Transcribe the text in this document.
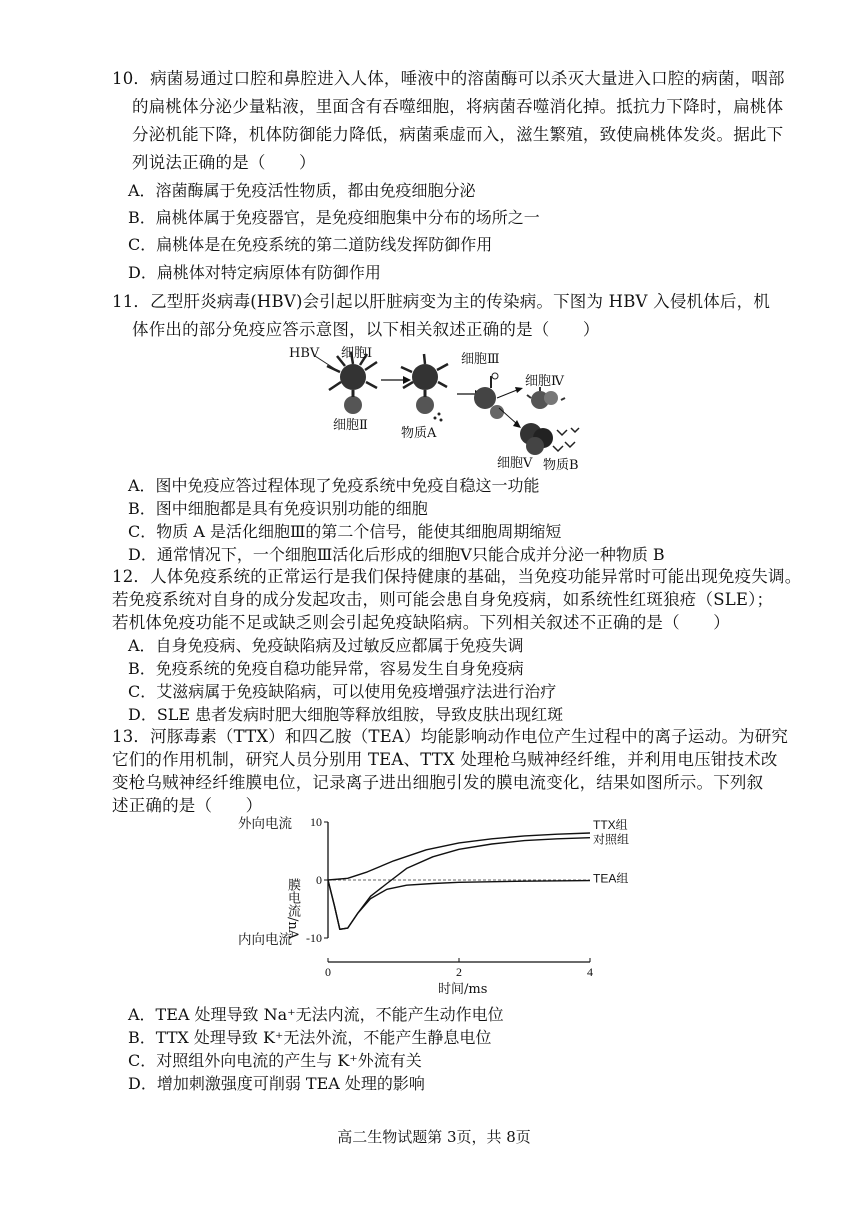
10．病菌易通过口腔和鼻腔进入人体，唾液中的溶菌酶可以杀灭大量进入口腔的病菌，咽部
的扁桃体分泌少量粘液，里面含有吞噬细胞，将病菌吞噬消化掉。抵抗力下降时，扁桃体
分泌机能下降，机体防御能力降低，病菌乘虚而入，滋生繁殖，致使扁桃体发炎。据此下
列说法正确的是（　　）
A．溶菌酶属于免疫活性物质，都由免疫细胞分泌
B．扁桃体属于免疫器官，是免疫细胞集中分布的场所之一
C．扁桃体是在免疫系统的第二道防线发挥防御作用
D．扁桃体对特定病原体有防御作用
11．乙型肝炎病毒(HBV)会引起以肝脏病变为主的传染病。下图为 HBV 入侵机体后，机
体作出的部分免疫应答示意图，以下相关叙述正确的是（　　）
HBV 细胞Ⅰ
细胞Ⅱ
物质A
细胞Ⅲ
细胞Ⅳ
细胞Ⅴ 物质B
A．图中免疫应答过程体现了免疫系统中免疫自稳这一功能
B．图中细胞都是具有免疫识别功能的细胞
C．物质 A 是活化细胞Ⅲ的第二个信号，能使其细胞周期缩短
D．通常情况下，一个细胞Ⅲ活化后形成的细胞Ⅴ只能合成并分泌一种物质 B
12．人体免疫系统的正常运行是我们保持健康的基础，当免疫功能异常时可能出现免疫失调。
若免疫系统对自身的成分发起攻击，则可能会患自身免疫病，如系统性红斑狼疮（SLE）；
若机体免疫功能不足或缺乏则会引起免疫缺陷病。下列相关叙述不正确的是（　　）
A．自身免疫病、免疫缺陷病及过敏反应都属于免疫失调
B．免疫系统的免疫自稳功能异常，容易发生自身免疫病
C．艾滋病属于免疫缺陷病，可以使用免疫增强疗法进行治疗
D．SLE 患者发病时肥大细胞等释放组胺，导致皮肤出现红斑
13．河豚毒素（TTX）和四乙胺（TEA）均能影响动作电位产生过程中的离子运动。为研究
它们的作用机制，研究人员分别用 TEA、TTX 处理枪乌贼神经纤维，并利用电压钳技术改
变枪乌贼神经纤维膜电位，记录离子进出细胞引发的膜电流变化，结果如图所示。下列叙
述正确的是（　　）
10
0
-10
0	2	4
TTX组
对照组
TEA组
外向电流
内向电流
膜电流/nA
时间/ms
A．TEA 处理导致 Na⁺无法内流，不能产生动作电位
B．TTX 处理导致 K⁺无法外流，不能产生静息电位
C．对照组外向电流的产生与 K⁺外流有关
D．增加刺激强度可削弱 TEA 处理的影响
高二生物试题第 3页，共 8页
